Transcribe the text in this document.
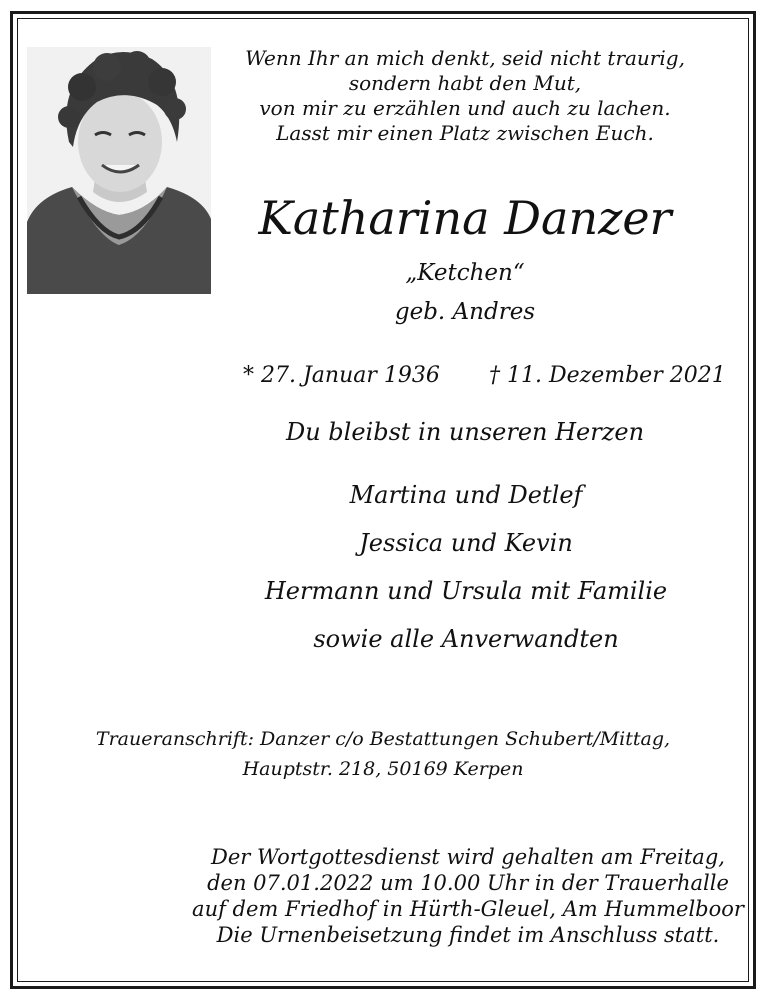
Wenn Ihr an mich denkt, seid nicht traurig,
sondern habt den Mut,
von mir zu erzählen und auch zu lachen.
Lasst mir einen Platz zwischen Euch.
Katharina Danzer
„Ketchen“
geb. Andres
* 27. Januar 1936 † 11. Dezember 2021
Du bleibst in unseren Herzen
Martina und Detlef
Jessica und Kevin
Hermann und Ursula mit Familie
sowie alle Anverwandten
Traueranschrift: Danzer c/o Bestattungen Schubert/Mittag,
Hauptstr. 218, 50169 Kerpen
Der Wortgottesdienst wird gehalten am Freitag,
den 07.01.2022 um 10.00 Uhr in der Trauerhalle
auf dem Friedhof in Hürth-Gleuel, Am Hummelboor
Die Urnenbeisetzung findet im Anschluss statt.
